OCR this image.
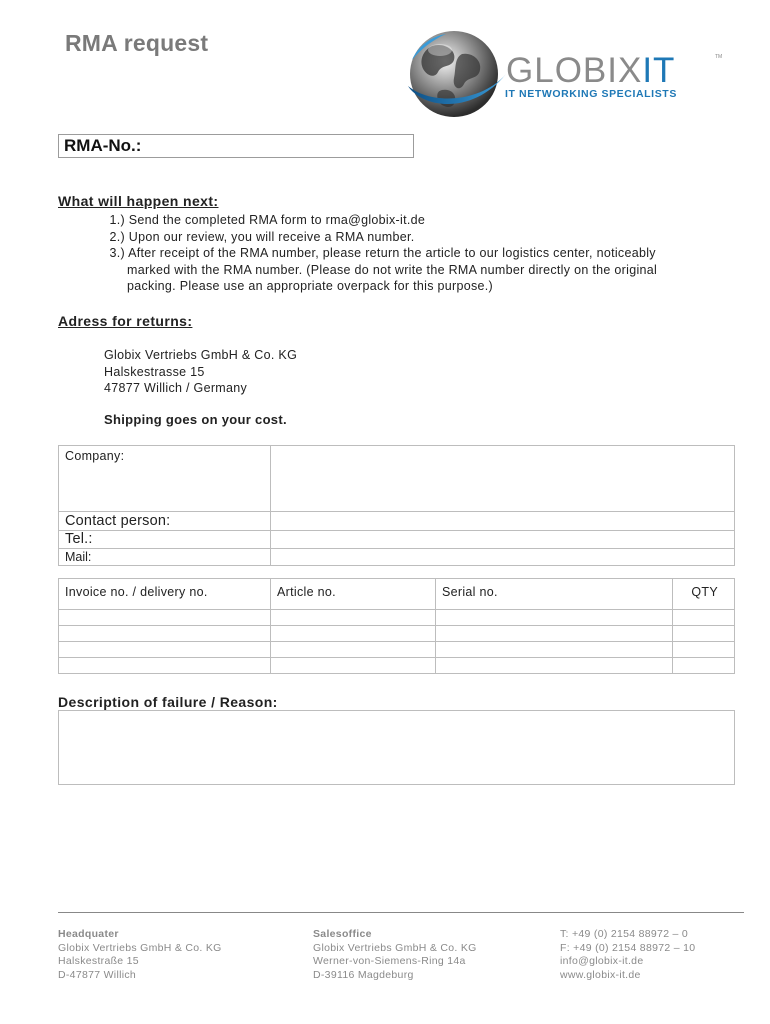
RMA request
GLOBIXIT	TM
IT NETWORKING SPECIALISTS
RMA-No.:
What will happen next:
1.) Send the completed RMA form to rma@globix-it.de
2.) Upon our review, you will receive a RMA number.
3.) After receipt of the RMA number, please return the article to our logistics center, noticeably
marked with the RMA number. (Please do not write the RMA number directly on the original
packing. Please use an appropriate overpack for this purpose.)
Adress for returns:
Globix Vertriebs GmbH & Co. KG
Halskestrasse 15
47877 Willich / Germany
Shipping goes on your cost.
Company:	

Contact person:	

Tel.:	

Mail:	

Invoice no. / delivery no.	Article no.	Serial no.	QTY

Description of failure / Reason:
Headquater
Globix Vertriebs GmbH & Co. KG
Halskestraße 15
D-47877 Willich
Salesoffice
Globix Vertriebs GmbH & Co. KG
Werner-von-Siemens-Ring 14a
D-39116 Magdeburg
T: +49 (0) 2154 88972 – 0
F: +49 (0) 2154 88972 – 10
info@globix-it.de
www.globix-it.de
